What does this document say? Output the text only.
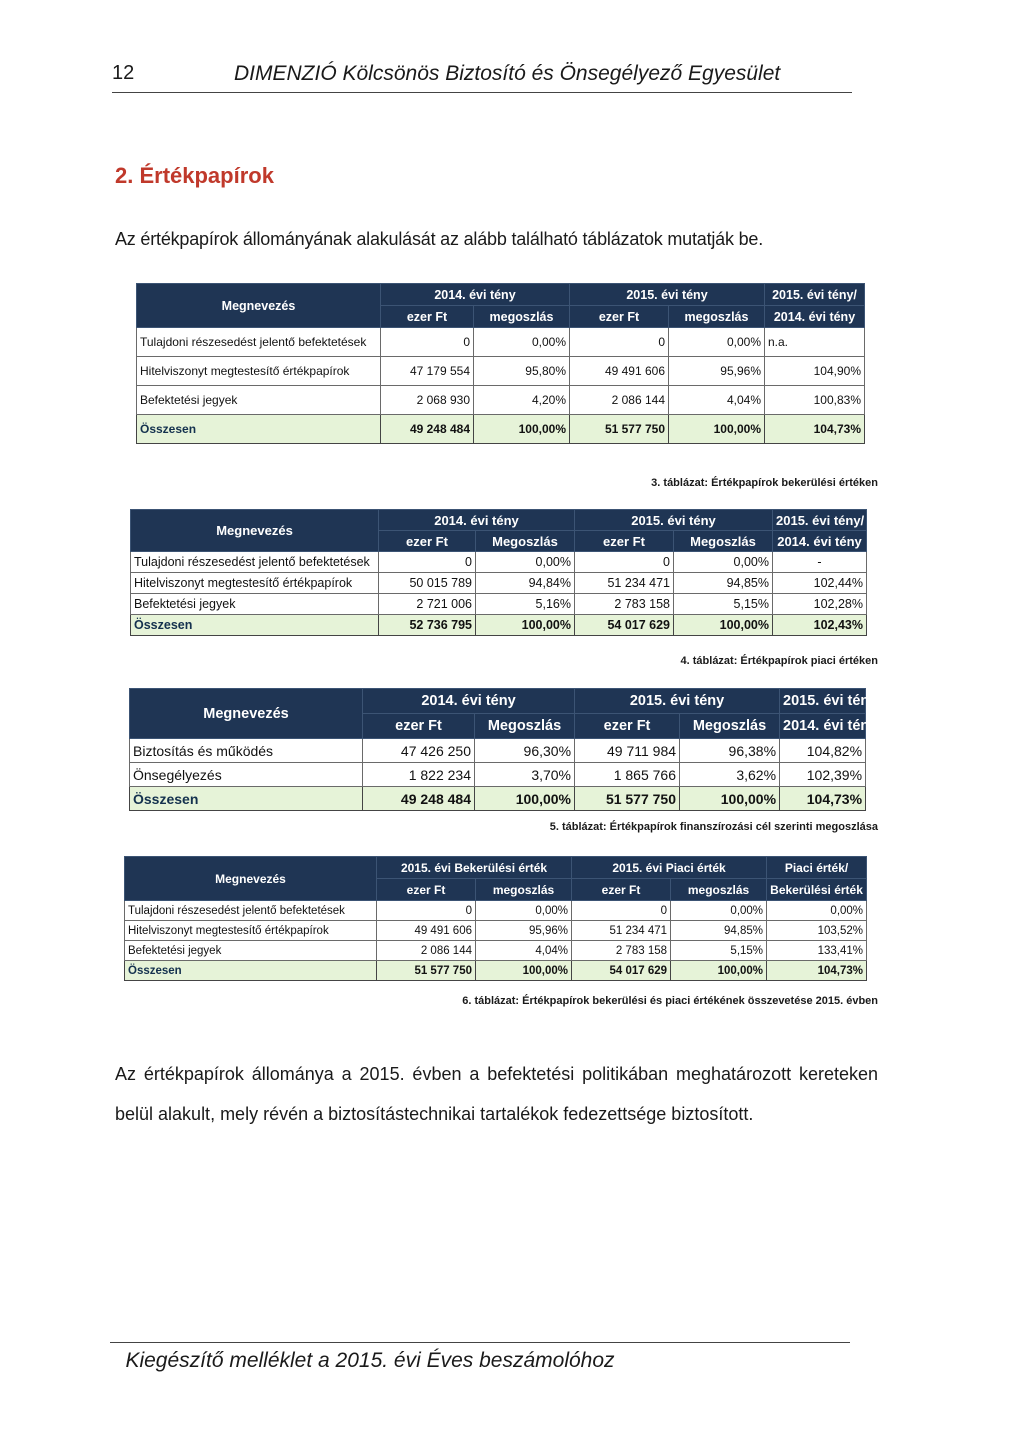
12	DIMENZIÓ Kölcsönös Biztosító és Önsegélyező Egyesület
2. Értékpapírok
Az értékpapírok állományának alakulását az alább található táblázatok mutatják be.
Megnevezés	2014. évi tény		2015. évi tény		2015. évi tény/
	ezer Ft	megoszlás	ezer Ft	megoszlás	2014. évi tény
Tulajdoni részesedést jelentő befektetések	0	0,00%	0	0,00%	n.a.
Hitelviszonyt megtestesítő értékpapírok	47 179 554	95,80%	49 491 606	95,96%	104,90%
Befektetési jegyek	2 068 930	4,20%	2 086 144	4,04%	100,83%
Összesen	49 248 484	100,00%	51 577 750	100,00%	104,73%
3. táblázat: Értékpapírok bekerülési értéken
Megnevezés	2014. évi tény		2015. évi tény		2015. évi tény/
	ezer Ft	Megoszlás	ezer Ft	Megoszlás	2014. évi tény
Tulajdoni részesedést jelentő befektetések	0	0,00%	0	0,00%	-
Hitelviszonyt megtestesítő értékpapírok	50 015 789	94,84%	51 234 471	94,85%	102,44%
Befektetési jegyek	2 721 006	5,16%	2 783 158	5,15%	102,28%
Összesen	52 736 795	100,00%	54 017 629	100,00%	102,43%
4. táblázat: Értékpapírok piaci értéken
Megnevezés	2014. évi tény		2015. évi tény		2015. évi tény/
	ezer Ft	Megoszlás	ezer Ft	Megoszlás	2014. évi tény
Biztosítás és működés	47 426 250	96,30%	49 711 984	96,38%	104,82%
Önsegélyezés	1 822 234	3,70%	1 865 766	3,62%	102,39%
Összesen	49 248 484	100,00%	51 577 750	100,00%	104,73%
5. táblázat: Értékpapírok finanszírozási cél szerinti megoszlása
Megnevezés	2015. évi Bekerülési érték		2015. évi Piaci érték		Piaci érték/
	ezer Ft	megoszlás	ezer Ft	megoszlás	Bekerülési érték
Tulajdoni részesedést jelentő befektetések	0	0,00%	0	0,00%	0,00%
Hitelviszonyt megtestesítő értékpapírok	49 491 606	95,96%	51 234 471	94,85%	103,52%
Befektetési jegyek	2 086 144	4,04%	2 783 158	5,15%	133,41%
Összesen	51 577 750	100,00%	54 017 629	100,00%	104,73%
6. táblázat: Értékpapírok bekerülési és piaci értékének összevetése 2015. évben
Az értékpapírok állománya a 2015. évben a befektetési politikában meghatározott kereteken belül alakult, mely révén a biztosítástechnikai tartalékok fedezettsége biztosított.
Kiegészítő melléklet a 2015. évi Éves beszámolóhoz
